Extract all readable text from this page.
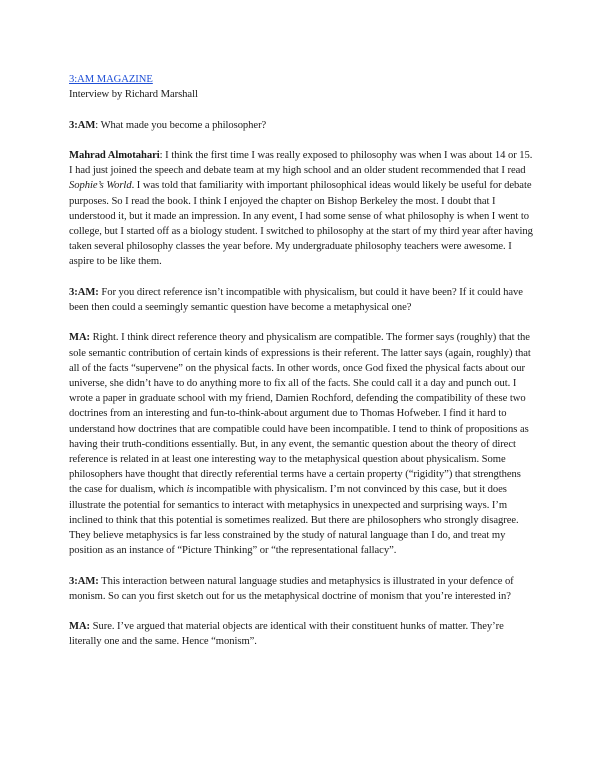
3:AM MAGAZINE
Interview by Richard Marshall

3:AM: What made you become a philosopher?

Mahrad Almotahari: I think the first time I was really exposed to philosophy was when I was about 14 or 15. I had just joined the speech and debate team at my high school and an older student recommended that I read Sophie’s World. I was told that familiarity with important philosophical ideas would likely be useful for debate purposes. So I read the book. I think I enjoyed the chapter on Bishop Berkeley the most. I doubt that I understood it, but it made an impression. In any event, I had some sense of what philosophy is when I went to college, but I started off as a biology student. I switched to philosophy at the start of my third year after having taken several philosophy classes the year before. My undergraduate philosophy teachers were awesome. I aspire to be like them.

3:AM: For you direct reference isn’t incompatible with physicalism, but could it have been? If it could have been then could a seemingly semantic question have become a metaphysical one?

MA: Right. I think direct reference theory and physicalism are compatible. The former says (roughly) that the sole semantic contribution of certain kinds of expressions is their referent. The latter says (again, roughly) that all of the facts “supervene” on the physical facts. In other words, once God fixed the physical facts about our universe, she didn’t have to do anything more to fix all of the facts. She could call it a day and punch out. I wrote a paper in graduate school with my friend, Damien Rochford, defending the compatibility of these two doctrines from an interesting and fun-to-think-about argument due to Thomas Hofweber. I find it hard to understand how doctrines that are compatible could have been incompatible. I tend to think of propositions as having their truth-conditions essentially. But, in any event, the semantic question about the theory of direct reference is related in at least one interesting way to the metaphysical question about physicalism. Some philosophers have thought that directly referential terms have a certain property (“rigidity”) that strengthens the case for dualism, which is incompatible with physicalism. I’m not convinced by this case, but it does illustrate the potential for semantics to interact with metaphysics in unexpected and surprising ways. I’m inclined to think that this potential is sometimes realized. But there are philosophers who strongly disagree. They believe metaphysics is far less constrained by the study of natural language than I do, and treat my position as an instance of “Picture Thinking” or “the representational fallacy”.

3:AM: This interaction between natural language studies and metaphysics is illustrated in your defence of monism. So can you first sketch out for us the metaphysical doctrine of monism that you’re interested in?

MA: Sure. I’ve argued that material objects are identical with their constituent hunks of matter. They’re literally one and the same. Hence “monism”.
